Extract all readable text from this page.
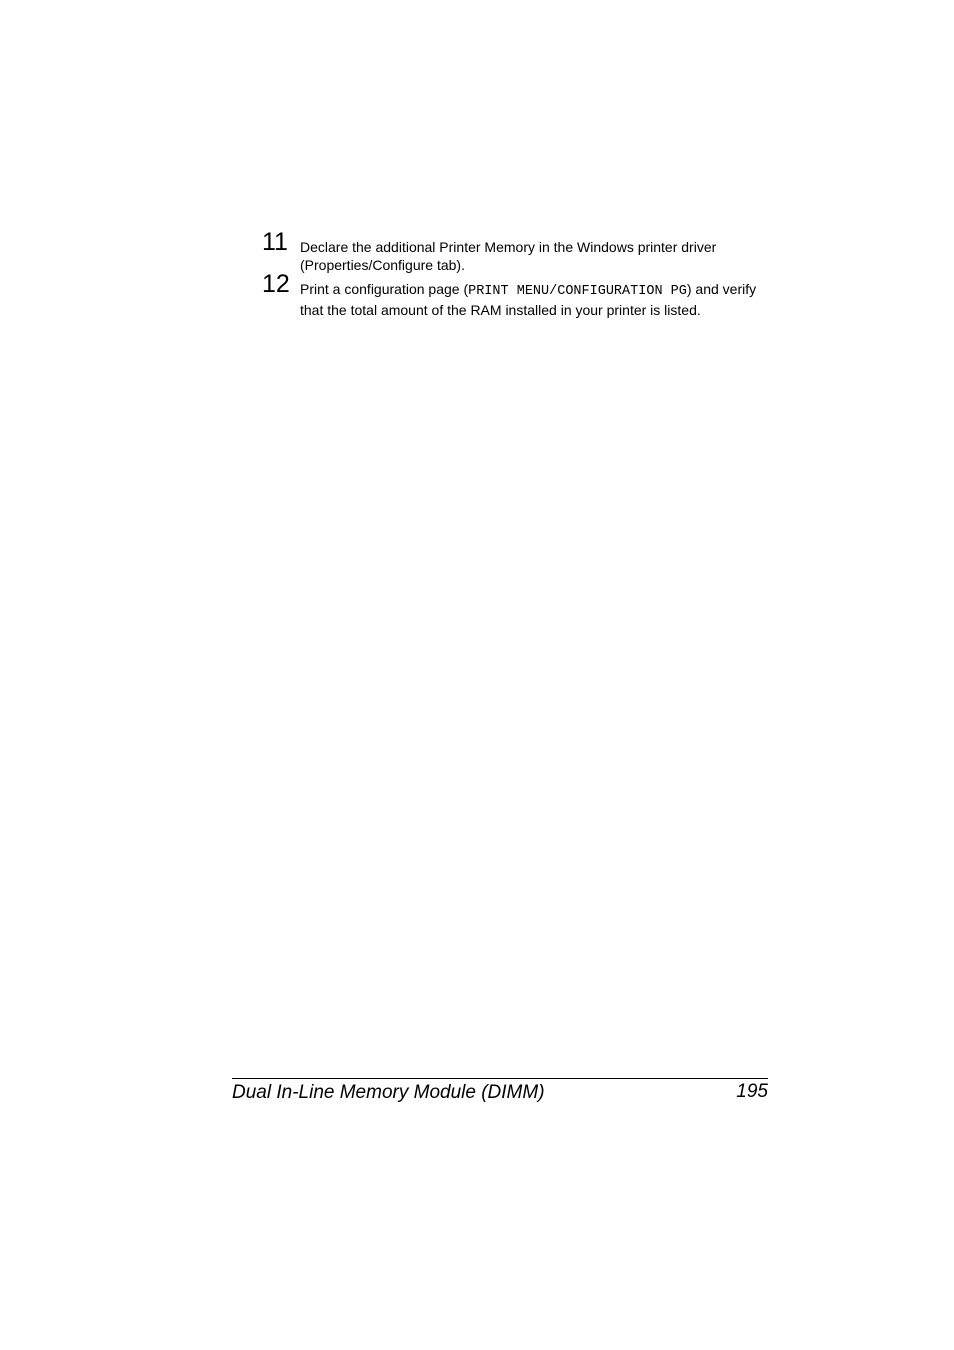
11 Declare the additional Printer Memory in the Windows printer driver (Properties/Configure tab).
12 Print a configuration page (PRINT MENU/CONFIGURATION PG) and verify that the total amount of the RAM installed in your printer is listed.
Dual In-Line Memory Module (DIMM)	195
